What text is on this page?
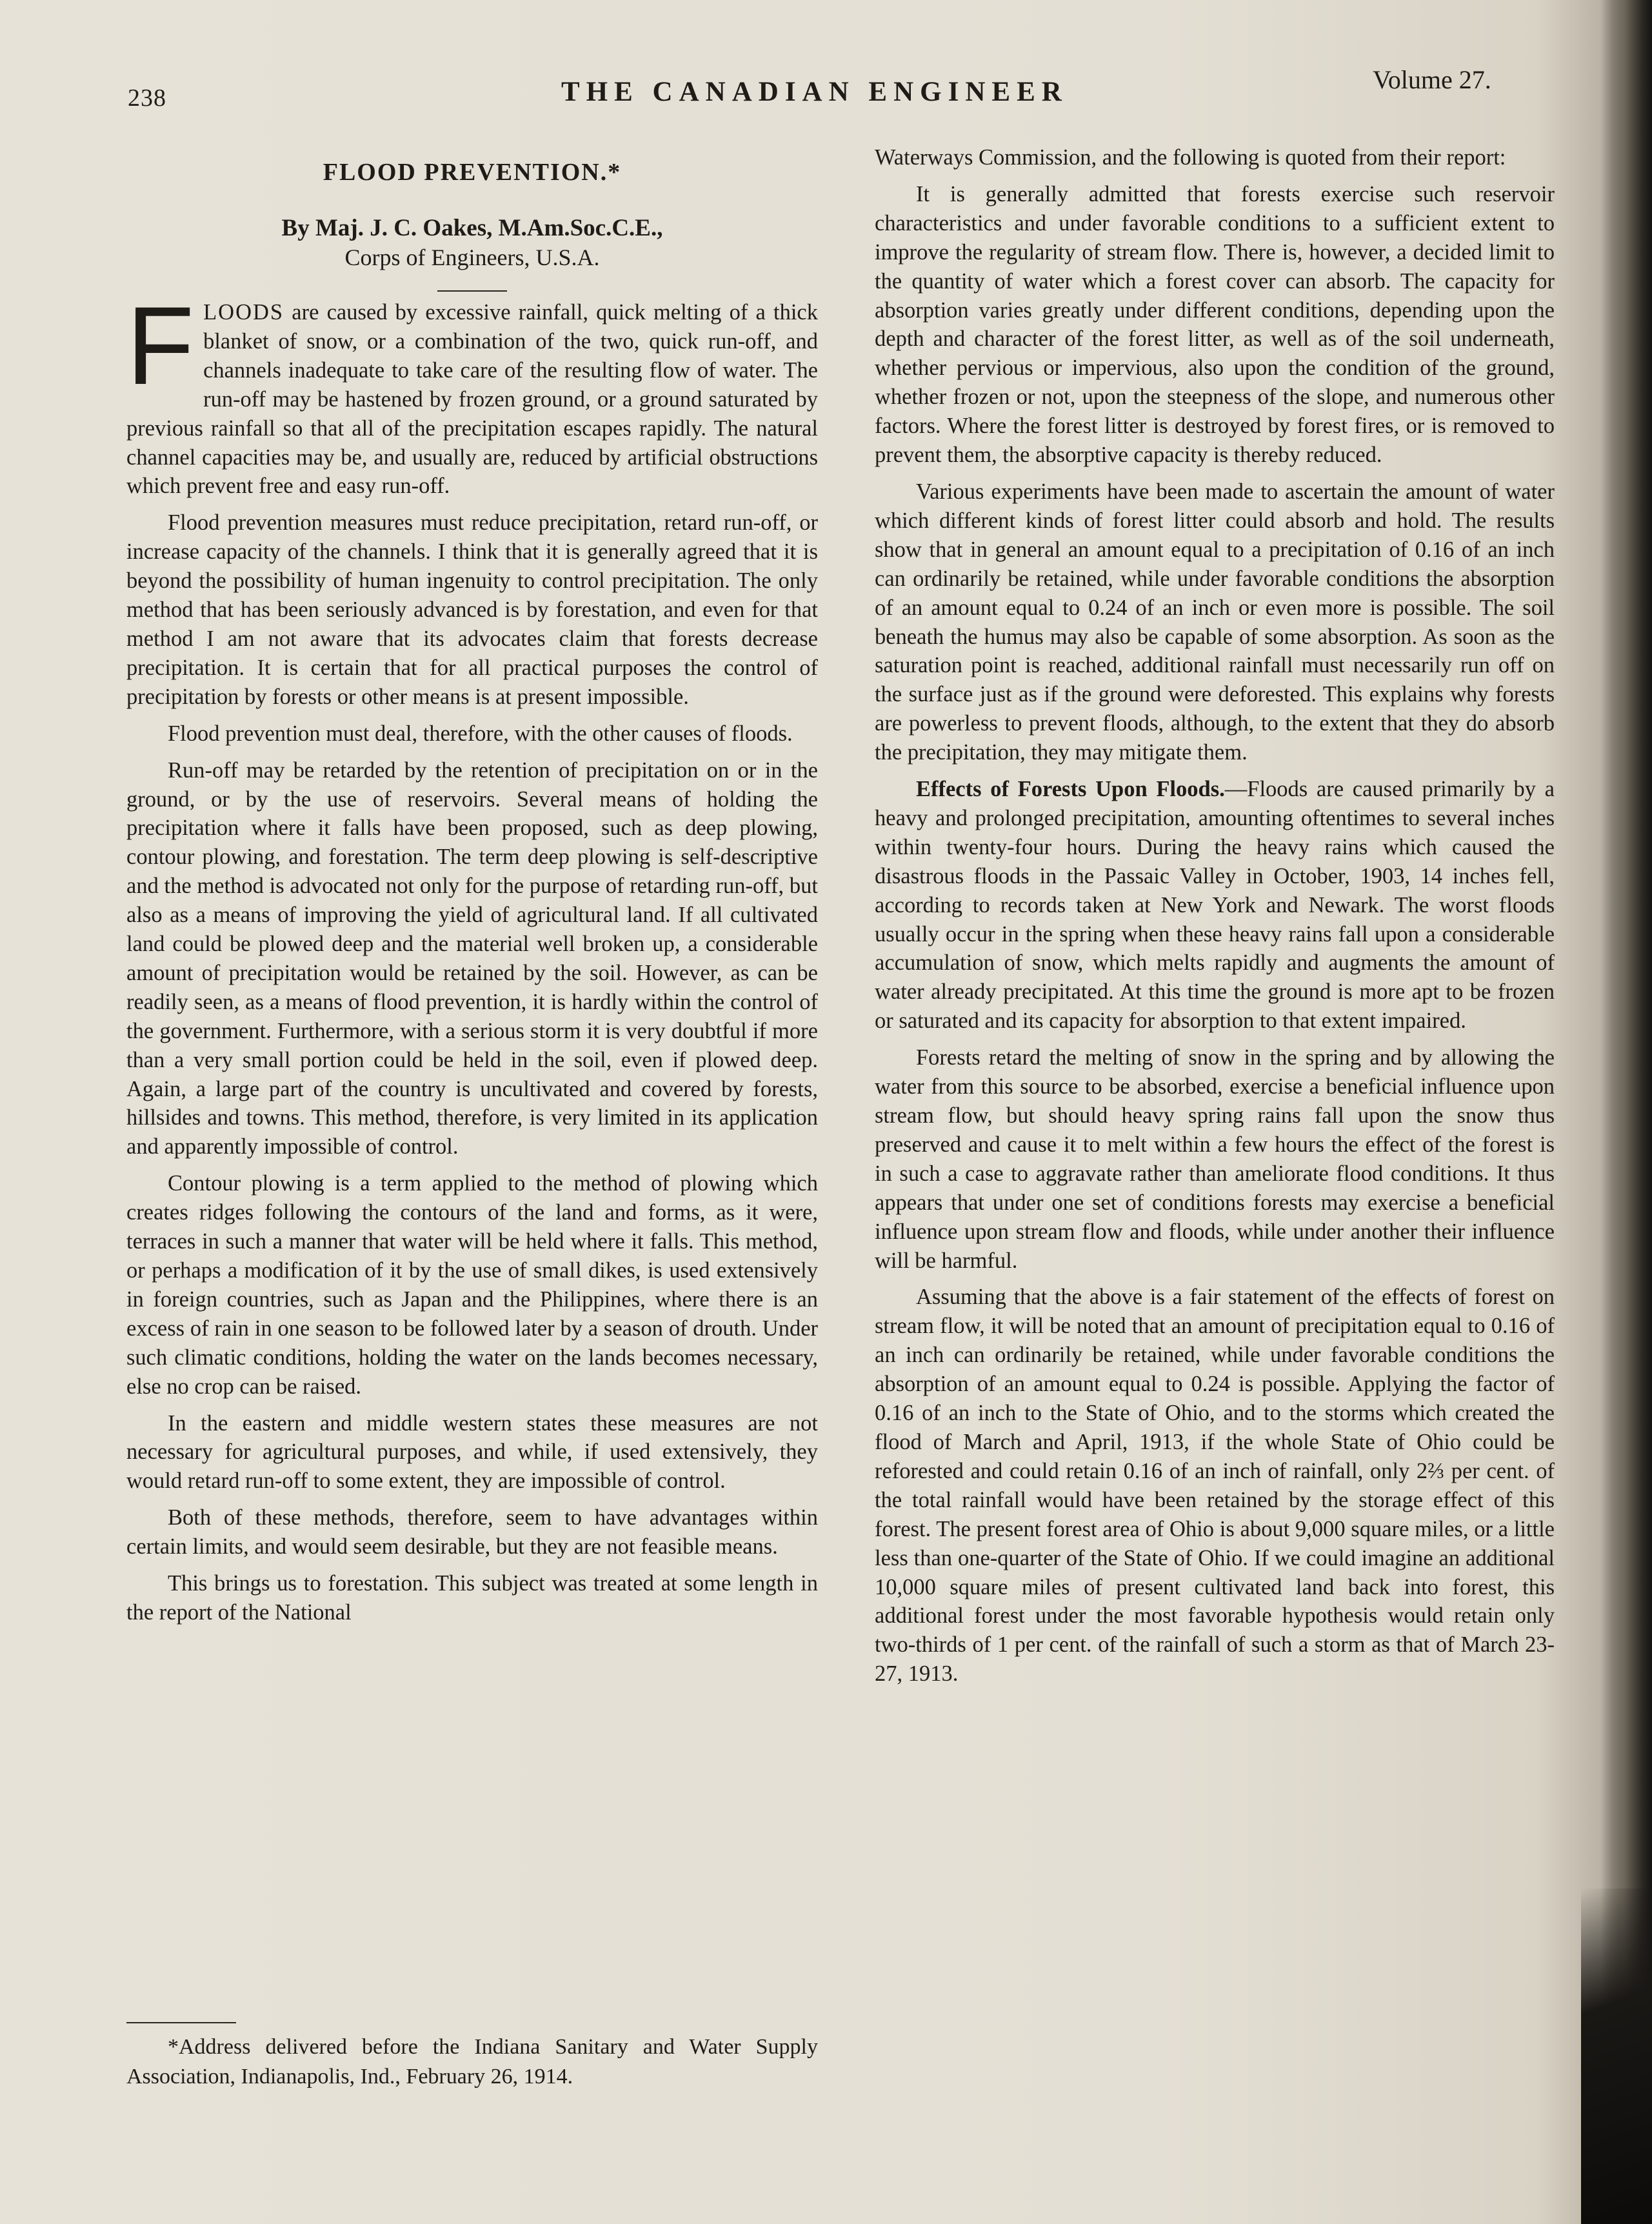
238	THE CANADIAN ENGINEER	Volume 27.
FLOOD PREVENTION.*
By Maj. J. C. Oakes, M.Am.Soc.C.E.,
Corps of Engineers, U.S.A.

FLOODS are caused by excessive rainfall, quick melting of a thick blanket of snow, or a combination of the two, quick run-off, and channels inadequate to take care of the resulting flow of water. The run-off may be hastened by frozen ground, or a ground saturated by previous rainfall so that all of the precipitation escapes rapidly. The natural channel capacities may be, and usually are, reduced by artificial obstructions which prevent free and easy run-off.

Flood prevention measures must reduce precipitation, retard run-off, or increase capacity of the channels. I think that it is generally agreed that it is beyond the possibility of human ingenuity to control precipitation. The only method that has been seriously advanced is by forestation, and even for that method I am not aware that its advocates claim that forests decrease precipitation. It is certain that for all practical purposes the control of precipitation by forests or other means is at present impossible.

Flood prevention must deal, therefore, with the other causes of floods.

Run-off may be retarded by the retention of precipitation on or in the ground, or by the use of reservoirs. Several means of holding the precipitation where it falls have been proposed, such as deep plowing, contour plowing, and forestation. The term deep plowing is self-descriptive and the method is advocated not only for the purpose of retarding run-off, but also as a means of improving the yield of agricultural land. If all cultivated land could be plowed deep and the material well broken up, a considerable amount of precipitation would be retained by the soil. However, as can be readily seen, as a means of flood prevention, it is hardly within the control of the government. Furthermore, with a serious storm it is very doubtful if more than a very small portion could be held in the soil, even if plowed deep. Again, a large part of the country is uncultivated and covered by forests, hillsides and towns. This method, therefore, is very limited in its application and apparently impossible of control.

Contour plowing is a term applied to the method of plowing which creates ridges following the contours of the land and forms, as it were, terraces in such a manner that water will be held where it falls. This method, or perhaps a modification of it by the use of small dikes, is used extensively in foreign countries, such as Japan and the Philippines, where there is an excess of rain in one season to be followed later by a season of drouth. Under such climatic conditions, holding the water on the lands becomes necessary, else no crop can be raised.

In the eastern and middle western states these measures are not necessary for agricultural purposes, and while, if used extensively, they would retard run-off to some extent, they are impossible of control.

Both of these methods, therefore, seem to have advantages within certain limits, and would seem desirable, but they are not feasible means.

This brings us to forestation. This subject was treated at some length in the report of the National

*Address delivered before the Indiana Sanitary and Water Supply Association, Indianapolis, Ind., February 26, 1914.

Waterways Commission, and the following is quoted from their report:

It is generally admitted that forests exercise such reservoir characteristics and under favorable conditions to a sufficient extent to improve the regularity of stream flow. There is, however, a decided limit to the quantity of water which a forest cover can absorb. The capacity for absorption varies greatly under different conditions, depending upon the depth and character of the forest litter, as well as of the soil underneath, whether pervious or impervious, also upon the condition of the ground, whether frozen or not, upon the steepness of the slope, and numerous other factors. Where the forest litter is destroyed by forest fires, or is removed to prevent them, the absorptive capacity is thereby reduced.

Various experiments have been made to ascertain the amount of water which different kinds of forest litter could absorb and hold. The results show that in general an amount equal to a precipitation of 0.16 of an inch can ordinarily be retained, while under favorable conditions the absorption of an amount equal to 0.24 of an inch or even more is possible. The soil beneath the humus may also be capable of some absorption. As soon as the saturation point is reached, additional rainfall must necessarily run off on the surface just as if the ground were deforested. This explains why forests are powerless to prevent floods, although, to the extent that they do absorb the precipitation, they may mitigate them.

Effects of Forests Upon Floods.—Floods are caused primarily by a heavy and prolonged precipitation, amounting oftentimes to several inches within twenty-four hours. During the heavy rains which caused the disastrous floods in the Passaic Valley in October, 1903, 14 inches fell, according to records taken at New York and Newark. The worst floods usually occur in the spring when these heavy rains fall upon a considerable accumulation of snow, which melts rapidly and augments the amount of water already precipitated. At this time the ground is more apt to be frozen or saturated and its capacity for absorption to that extent impaired.

Forests retard the melting of snow in the spring and by allowing the water from this source to be absorbed, exercise a beneficial influence upon stream flow, but should heavy spring rains fall upon the snow thus preserved and cause it to melt within a few hours the effect of the forest is in such a case to aggravate rather than ameliorate flood conditions. It thus appears that under one set of conditions forests may exercise a beneficial influence upon stream flow and floods, while under another their influence will be harmful.

Assuming that the above is a fair statement of the effects of forest on stream flow, it will be noted that an amount of precipitation equal to 0.16 of an inch can ordinarily be retained, while under favorable conditions the absorption of an amount equal to 0.24 is possible. Applying the factor of 0.16 of an inch to the State of Ohio, and to the storms which created the flood of March and April, 1913, if the whole State of Ohio could be reforested and could retain 0.16 of an inch of rainfall, only 2⅔ per cent. of the total rainfall would have been retained by the storage effect of this forest. The present forest area of Ohio is about 9,000 square miles, or a little less than one-quarter of the State of Ohio. If we could imagine an additional 10,000 square miles of present cultivated land back into forest, this additional forest under the most favorable hypothesis would retain only two-thirds of 1 per cent. of the rainfall of such a storm as that of March 23-27, 1913.
